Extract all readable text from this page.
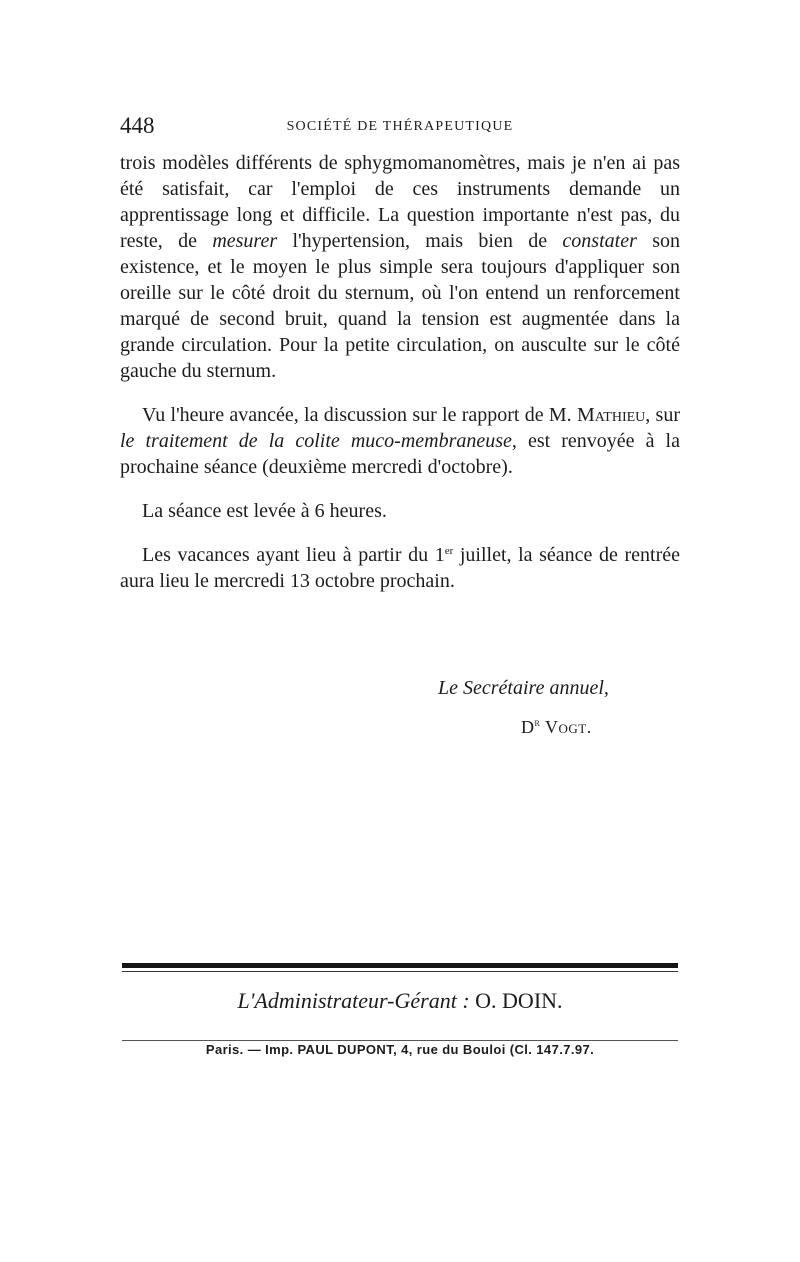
448	SOCIÉTÉ DE THÉRAPEUTIQUE

trois modèles différents de sphygmomanomètres, mais je n'en ai pas été satisfait, car l'emploi de ces instruments demande un apprentissage long et difficile. La question importante n'est pas, du reste, de mesurer l'hypertension, mais bien de constater son existence, et le moyen le plus simple sera toujours d'appliquer son oreille sur le côté droit du sternum, où l'on entend un renforcement marqué de second bruit, quand la tension est augmentée dans la grande circulation. Pour la petite circulation, on ausculte sur le côté gauche du sternum.

Vu l'heure avancée, la discussion sur le rapport de M. Mathieu, sur le traitement de la colite muco-membraneuse, est renvoyée à la prochaine séance (deuxième mercredi d'octobre).

La séance est levée à 6 heures.

Les vacances ayant lieu à partir du 1er juillet, la séance de rentrée aura lieu le mercredi 13 octobre prochain.

Le Secrétaire annuel,
$D^r$ Vogt.
L'Administrateur-Gérant : O. DOIN.
Paris. — Imp. PAUL DUPONT, 4, rue du Bouloi (Cl. 147.7.97.
